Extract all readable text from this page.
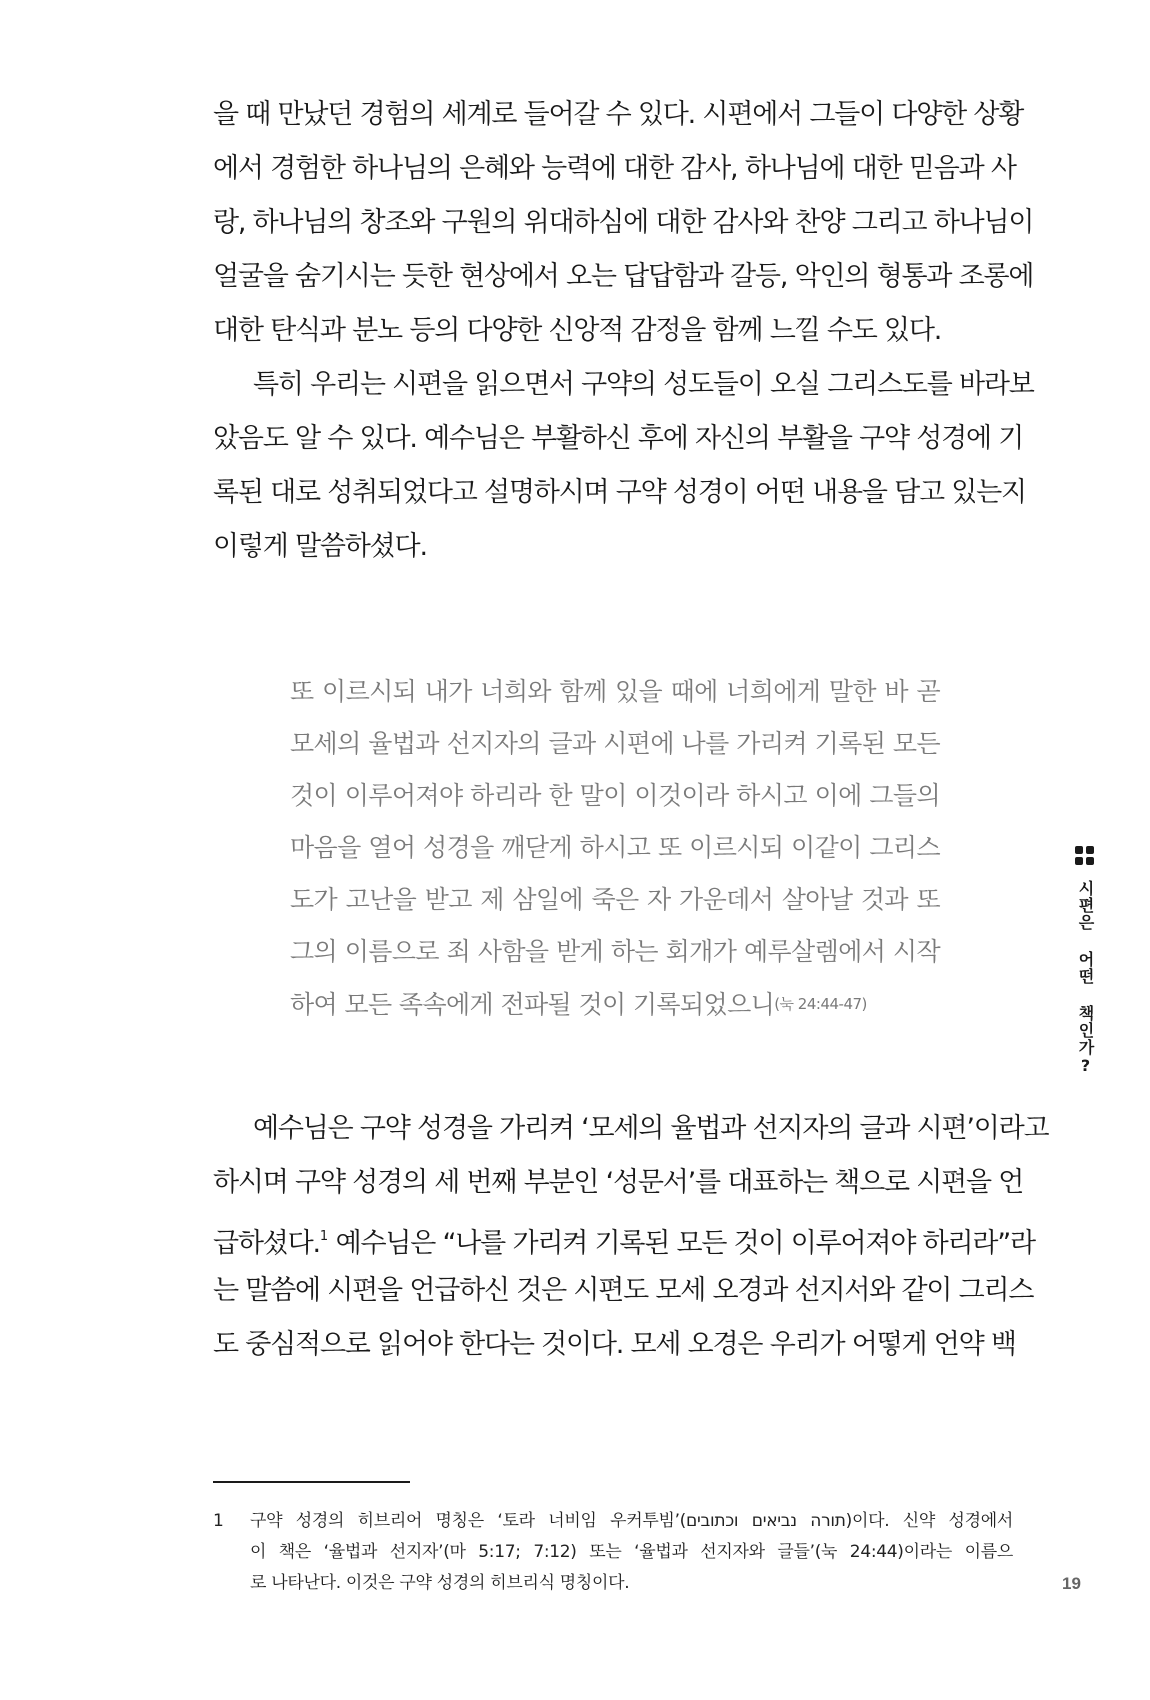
을 때 만났던 경험의 세계로 들어갈 수 있다. 시편에서 그들이 다양한 상황
에서 경험한 하나님의 은혜와 능력에 대한 감사, 하나님에 대한 믿음과 사
랑, 하나님의 창조와 구원의 위대하심에 대한 감사와 찬양 그리고 하나님이
얼굴을 숨기시는 듯한 현상에서 오는 답답함과 갈등, 악인의 형통과 조롱에
대한 탄식과 분노 등의 다양한 신앙적 감정을 함께 느낄 수도 있다.
특히 우리는 시편을 읽으면서 구약의 성도들이 오실 그리스도를 바라보
았음도 알 수 있다. 예수님은 부활하신 후에 자신의 부활을 구약 성경에 기
록된 대로 성취되었다고 설명하시며 구약 성경이 어떤 내용을 담고 있는지
이렇게 말씀하셨다.
또 이르시되 내가 너희와 함께 있을 때에 너희에게 말한 바 곧
모세의 율법과 선지자의 글과 시편에 나를 가리켜 기록된 모든
것이 이루어져야 하리라 한 말이 이것이라 하시고 이에 그들의
마음을 열어 성경을 깨닫게 하시고 또 이르시되 이같이 그리스
도가 고난을 받고 제 삼일에 죽은 자 가운데서 살아날 것과 또
그의 이름으로 죄 사함을 받게 하는 회개가 예루살렘에서 시작
하여 모든 족속에게 전파될 것이 기록되었으니(눅 24:44-47)
예수님은 구약 성경을 가리켜 ‘모세의 율법과 선지자의 글과 시편’이라고
하시며 구약 성경의 세 번째 부분인 ‘성문서’를 대표하는 책으로 시편을 언
급하셨다.$^1$ 예수님은 “나를 가리켜 기록된 모든 것이 이루어져야 하리라”라
는 말씀에 시편을 언급하신 것은 시편도 모세 오경과 선지서와 같이 그리스
도 중심적으로 읽어야 한다는 것이다. 모세 오경은 우리가 어떻게 언약 백
1 구약 성경의 히브리어 명칭은 ‘토라 너비임 우커투빔’(תורה נביאים וכתובים)이다. 신약 성경에서
이 책은 ‘율법과 선지자’(마 5:17; 7:12) 또는 ‘율법과 선지자와 글들’(눅 24:44)이라는 이름으
로 나타난다. 이것은 구약 성경의 히브리식 명칭이다.
시편은 어떤 책인가?
19
